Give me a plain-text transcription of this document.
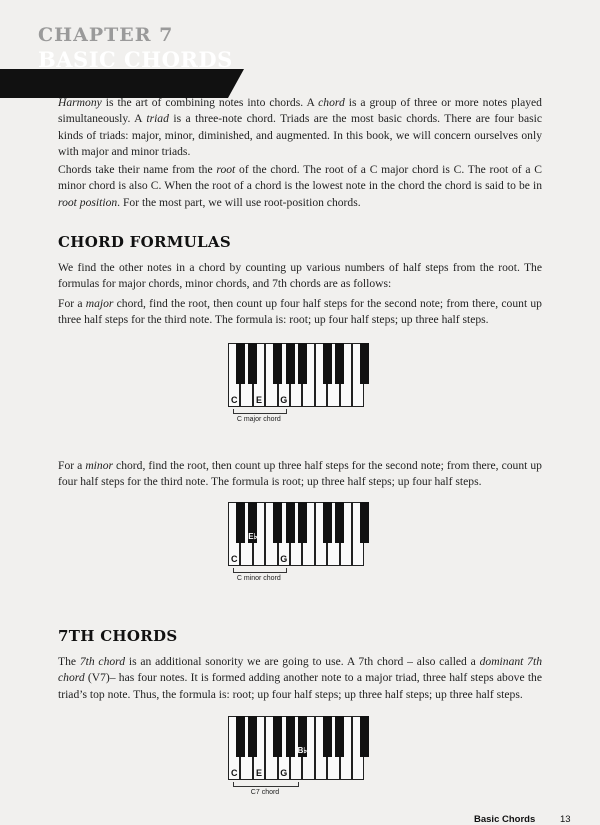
CHAPTER 7
BASIC CHORDS

Harmony is the art of combining notes into chords. A chord is a group of three or more notes played simultaneously. A triad is a three-note chord. Triads are the most basic chords. There are four basic kinds of triads: major, minor, diminished, and augmented. In this book, we will concern ourselves only with major and minor triads.

Chords take their name from the root of the chord. The root of a C major chord is C. The root of a C minor chord is also C. When the root of a chord is the lowest note in the chord the chord is said to be in root position. For the most part, we will use root-position chords.

CHORD FORMULAS

We find the other notes in a chord by counting up various numbers of half steps from the root. The formulas for major chords, minor chords, and 7th chords are as follows:

For a major chord, find the root, then count up four half steps for the second note; from there, count up three half steps for the third note. The formula is: root; up four half steps; up three half steps.

C	E	G
C major chord

For a minor chord, find the root, then count up three half steps for the second note; from there, count up four half steps for the third note. The formula is root; up three half steps; up four half steps.

C	G
E♭
C minor chord
7TH CHORDS

The 7th chord is an additional sonority we are going to use. A 7th chord – also called a dominant 7th chord (V7)– has four notes. It is formed adding another note to a major triad, three half steps above the triad’s top note. Thus, the formula is: root; up four half steps; up three half steps; up three half steps.

C	E	G
B♭
C7 chord
Basic Chords	13
